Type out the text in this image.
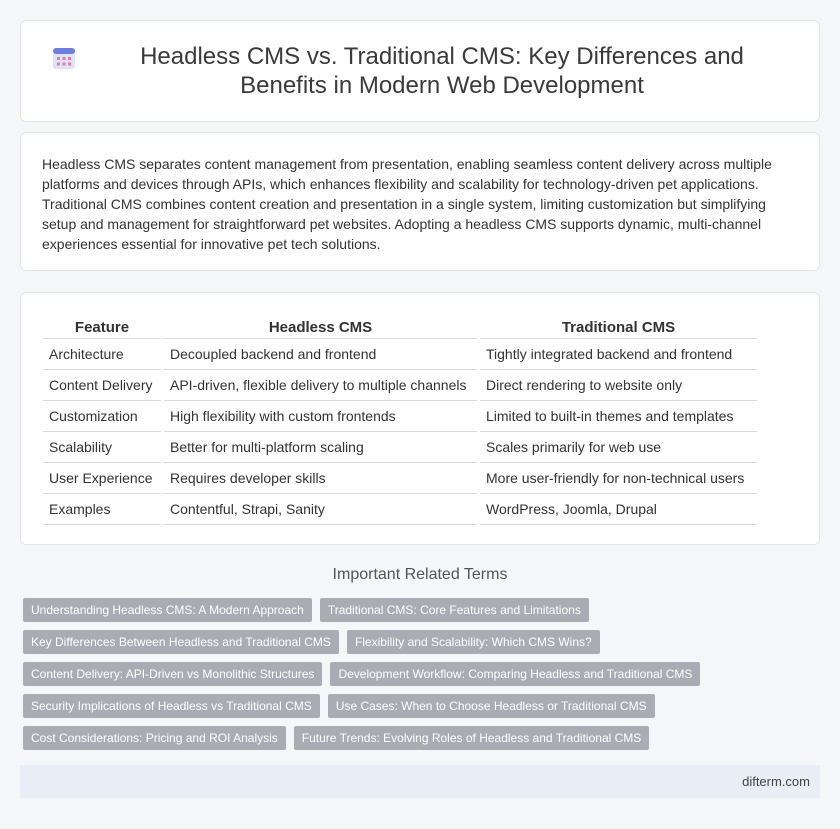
Headless CMS vs. Traditional CMS: Key Differences and Benefits in Modern Web Development

Headless CMS separates content management from presentation, enabling seamless content delivery across multiple platforms and devices through APIs, which enhances flexibility and scalability for technology-driven pet applications. Traditional CMS combines content creation and presentation in a single system, limiting customization but simplifying setup and management for straightforward pet websites. Adopting a headless CMS supports dynamic, multi-channel experiences essential for innovative pet tech solutions.

Feature	Headless CMS	Traditional CMS
Architecture	Decoupled backend and frontend	Tightly integrated backend and frontend
Content Delivery	API-driven, flexible delivery to multiple channels	Direct rendering to website only
Customization	High flexibility with custom frontends	Limited to built-in themes and templates
Scalability	Better for multi-platform scaling	Scales primarily for web use
User Experience	Requires developer skills	More user-friendly for non-technical users
Examples	Contentful, Strapi, Sanity	WordPress, Joomla, Drupal
Important Related Terms
Understanding Headless CMS: A Modern Approach	Traditional CMS: Core Features and Limitations
Key Differences Between Headless and Traditional CMS	Flexibility and Scalability: Which CMS Wins?
Content Delivery: API-Driven vs Monolithic Structures	Development Workflow: Comparing Headless and Traditional CMS
Security Implications of Headless vs Traditional CMS	Use Cases: When to Choose Headless or Traditional CMS
Cost Considerations: Pricing and ROI Analysis	Future Trends: Evolving Roles of Headless and Traditional CMS
difterm.com
